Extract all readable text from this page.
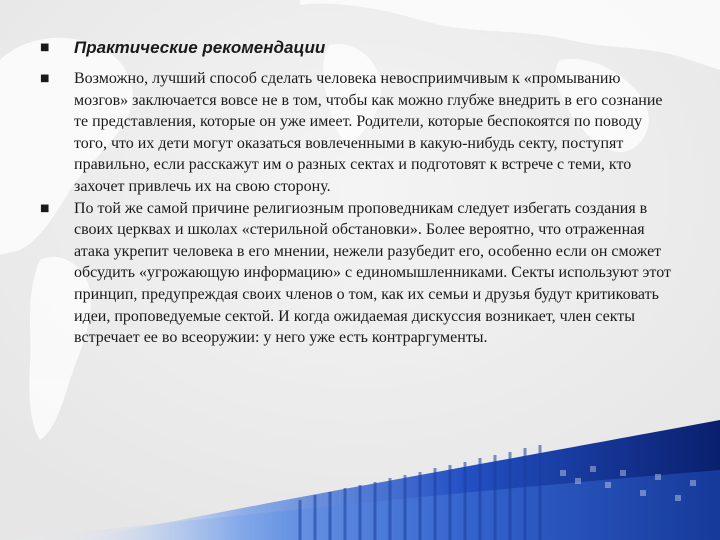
■	Практические рекомендации
■	Возможно, лучший способ сделать человека невосприимчивым к «промыванию мозгов» заключается вовсе не в том, чтобы как можно глубже внедрить в его сознание те представления, которые он уже имеет. Родители, которые беспокоятся по поводу того, что их дети могут оказаться вовлеченными в какую-нибудь секту, поступят правильно, если расскажут им о разных сектах и подготовят к встрече с теми, кто захочет привлечь их на свою сторону.
■	По той же самой причине религиозным проповедникам следует избегать создания в своих церквах и школах «стерильной обстановки». Более вероятно, что отраженная атака укрепит человека в его мнении, нежели разубедит его, особенно если он сможет обсудить «угрожающую информацию» с единомышленниками. Секты используют этот принцип, предупреждая своих членов о том, как их семьи и друзья будут критиковать идеи, проповедуемые сектой. И когда ожидаемая дискуссия возникает, член секты встречает ее во всеоружии: у него уже есть контраргументы.
